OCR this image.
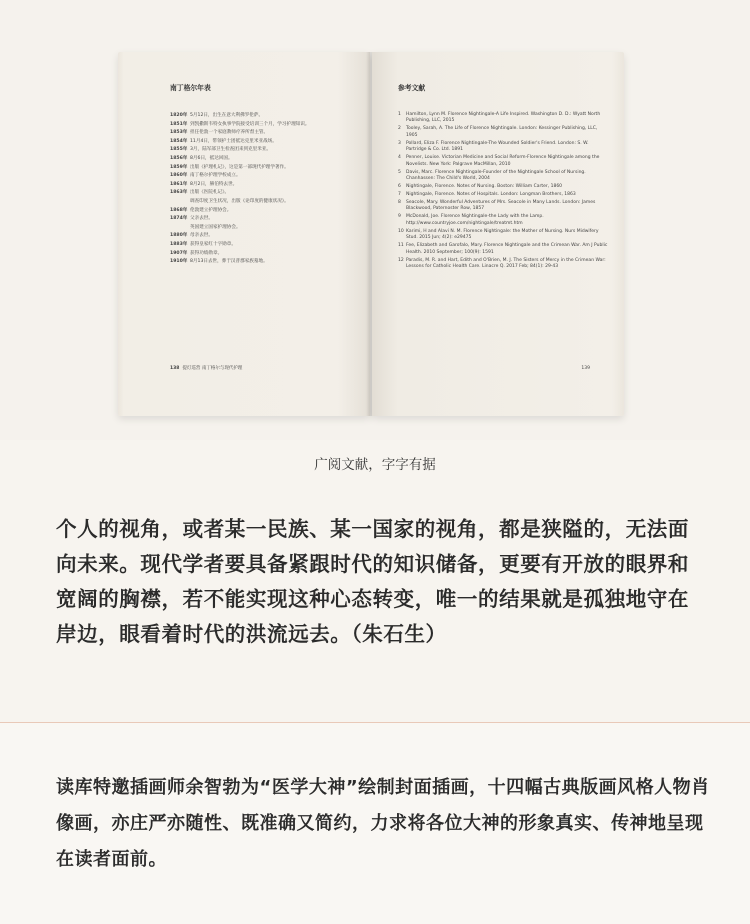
南丁格尔年表
1820年 5月12日，出生在意大利佛罗伦萨。
1851年 到凯撒斯韦特女执事学院接受培训三个月，学习护理知识。
1853年 担任伦敦一个家庭教师疗养所督主管。
1854年 11月4日，带领护士团抵达克里米亚战场。
1855年 3月，陆军部卫生检查团来到克里米亚。
1856年 8月6日，抵达回国。
1859年 出版《护理札记》，这是第一部现代护理学著作。
1860年 南丁格尔护理学校成立。
1861年 8月2日，赫伯特去世。
1863年 出版《医院札记》。
调查印度卫生状况，出版《论印度的健康状况》。
1868年 伦敦建立护理协会。
1874年 父亲去世。
英国建立国家护理协会。
1880年 母亲去世。
1883年 获得皇家红十字勋章。
1907年 获得功绩勋章。
1910年 8月13日去世，葬于汉普郡家族墓地。
138 提灯巡营 南丁格尔与现代护理
参考文献
1	Hamilton, Lynn M. Florence Nightingale-A Life Inspired. Washington D. D.: Wyatt North Publishing, LLC, 2015
2	Tooley, Sarah, A. The Life of Florence Nightingale. London: Kessinger Publishing, LLC, 1905
3	Pollard, Eliza F. Florence Nightingale-The Wounded Soldier's Friend. London: S. W. Partridge & Co. Ltd. 1891
4	Penner, Louise. Victorian Medicine and Social Reform-Florence Nightingale among the Novelists. New York: Palgrave MacMillan, 2010
5	Davis, Marc. Florence Nightingale-Founder of the Nightingale School of Nursing. Chanhassen: The Child's World, 2004
6	Nightingale, Florence. Notes of Nursing. Boston: William Carter, 1860
7	Nightingale, Florence. Notes of Hospitals. London: Longman Brothers, 1863
8	Seacole, Mary. Wonderful Adventures of Mrs. Seacole in Many Lands. London: James Blackwood, Paternoster Row, 1857
9	McDonald, Joe. Florence Nightingale-the Lady with the Lamp. http://www.countryjoe.com/nightingale/treatmt.htm
10 Karimi, H and Alavi N. M. Florence Nightingale: the Mother of Nursing. Nurs Midwifery Stud. 2015 Jun; 4(2): e29475
11 Fee, Elizabeth and Garofalo, Mary. Florence Nightingale and the Crimean War. Am J Public Health. 2010 September; 100(9): 1591
12 Paradis, M. R. and Hart, Edith and O'Brien, M. J. The Sisters of Mercy in the Crimean War: Lessons for Catholic Health Care. Linacre Q. 2017 Feb; 84(1): 29-43
139
广阅文献，字字有据
个人的视角，或者某一民族、某一国家的视角，都是狭隘的，无法面向未来。现代学者要具备紧跟时代的知识储备，更要有开放的眼界和宽阔的胸襟，若不能实现这种心态转变，唯一的结果就是孤独地守在岸边，眼看着时代的洪流远去。（朱石生）
读库特邀插画师余智勃为“医学大神”绘制封面插画，十四幅古典版画风格人物肖像画，亦庄严亦随性、既准确又简约，力求将各位大神的形象真实、传神地呈现在读者面前。
